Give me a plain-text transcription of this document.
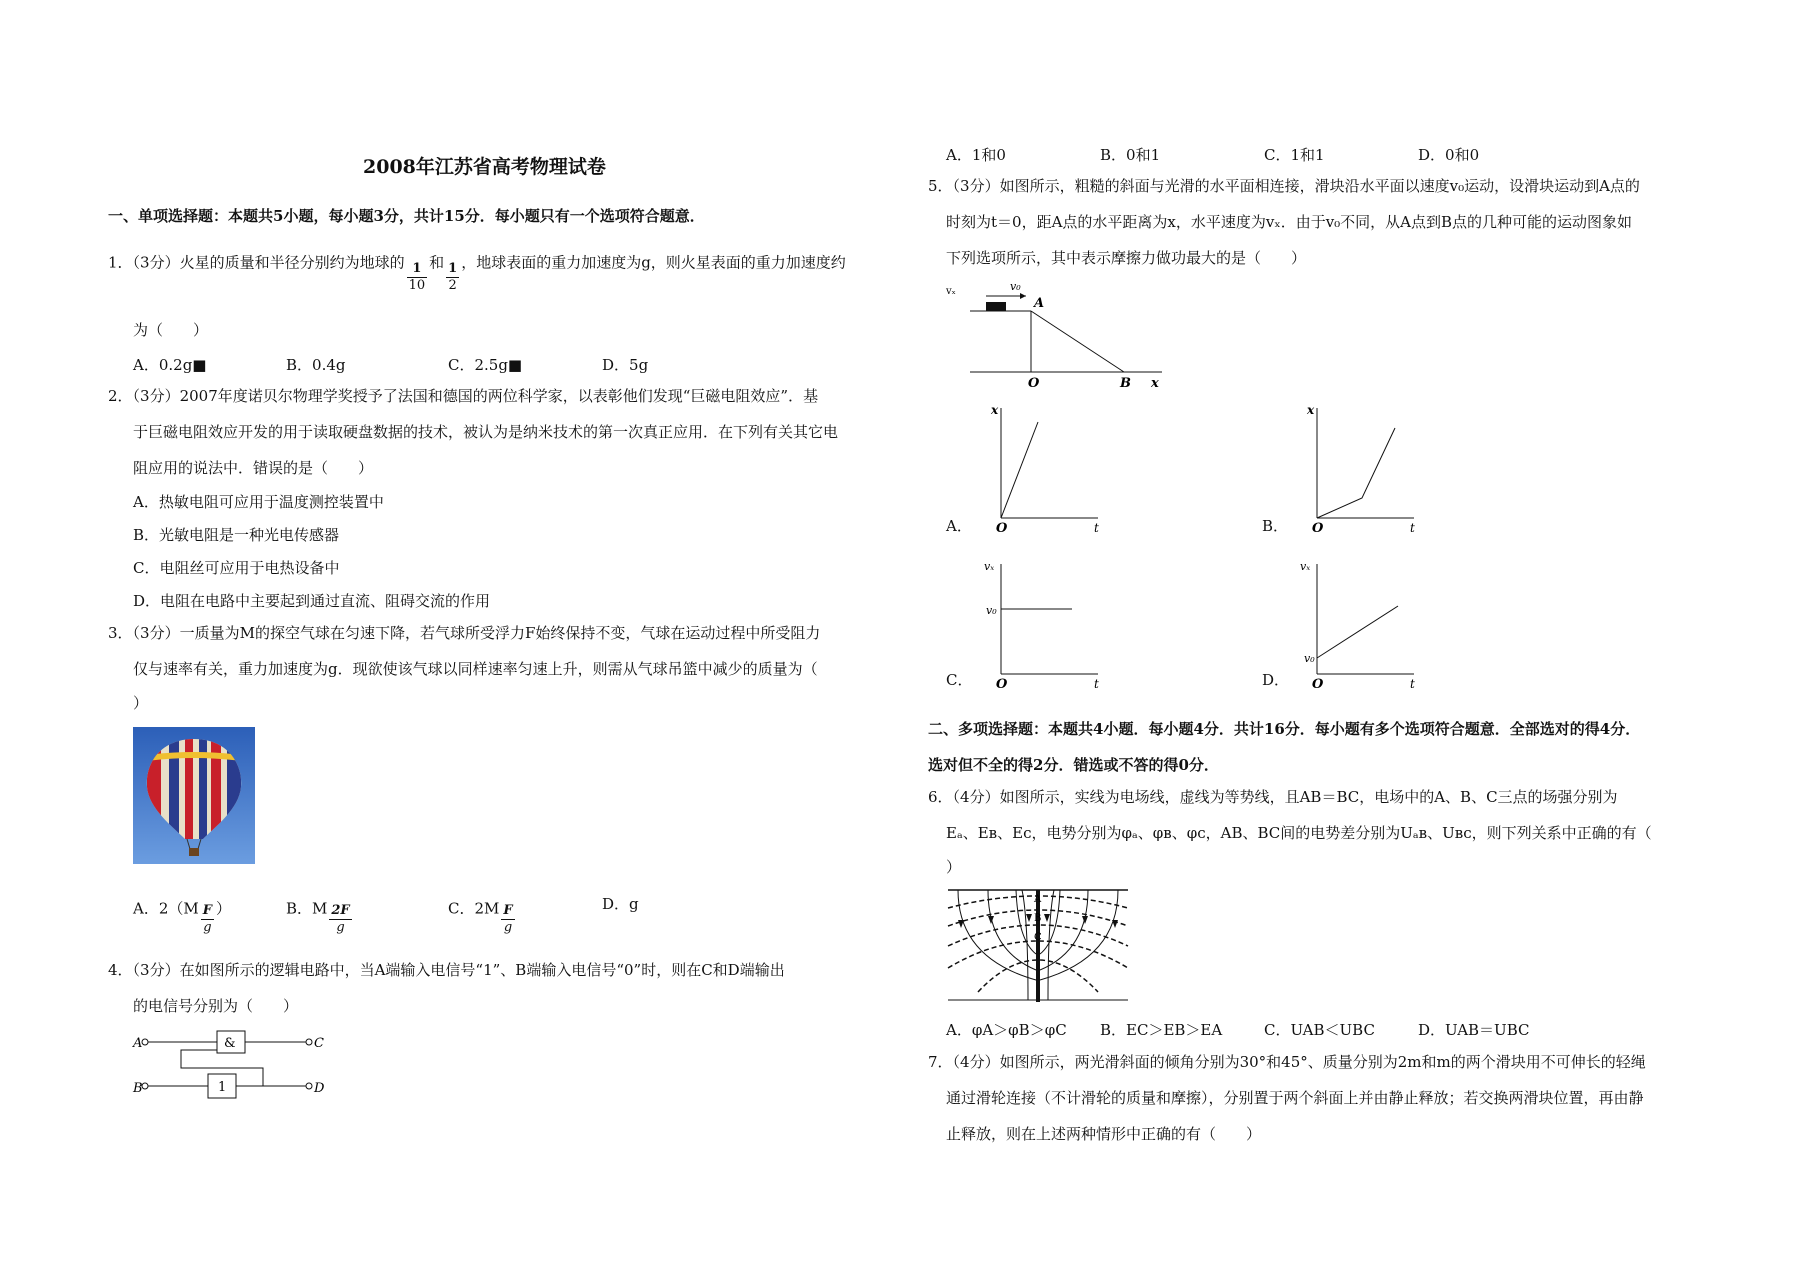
2008年江苏省高考物理试卷
一、单项选择题：本题共5小题，每小题3分，共计15分．每小题只有一个选项符合题意．
1．（3分）火星的质量和半径分别约为地球的 $\frac{1}{10}$ 和 $\frac{1}{2}$ ，地球表面的重力加速度为g，则火星表面的重力加速度约
为（　　）
A．0.2g■	B．0.4g	C．2.5g■	D．5g
2．（3分）2007年度诺贝尔物理学奖授予了法国和德国的两位科学家，以表彰他们发现“巨磁电阻效应”．基
于巨磁电阻效应开发的用于读取硬盘数据的技术，被认为是纳米技术的第一次真正应用．在下列有关其它电
阻应用的说法中．错误的是（　　）
A．热敏电阻可应用于温度测控装置中
B．光敏电阻是一种光电传感器
C．电阻丝可应用于电热设备中
D．电阻在电路中主要起到通过直流、阻碍交流的作用
3．（3分）一质量为M的探空气球在匀速下降，若气球所受浮力F始终保持不变，气球在运动过程中所受阻力
仅与速率有关，重力加速度为g．现欲使该气球以同样速率匀速上升，则需从气球吊篮中减少的质量为（
）
A．$2(M \frac{F}{g}$ ）	B．M $\frac{2F}{g}$	C．$2M \frac{F}{g}$	D．g
4．（3分）在如图所示的逻辑电路中，当A端输入电信号“1”、B端输入电信号“0”时，则在C和D端输出
的电信号分别为（　　）
A
B
C
D
&
1
A．1和0	B．0和1	C．1和1	D．0和0
5．（3分）如图所示，粗糙的斜面与光滑的水平面相连接，滑块沿水平面以速度v₀运动，设滑块运动到A点的
时刻为t＝0，距A点的水平距离为x，水平速度为vₓ．由于v₀不同，从A点到B点的几种可能的运动图象如
下列选项所示，其中表示摩擦力做功最大的是（　　）
vₓ	v₀
A
O	B x
A．
x
O	t	B．
x
O	t
C．
vₓ
v₀
O	t	D．
vₓ
v₀
O	t
二、多项选择题：本题共4小题．每小题4分．共计16分．每小题有多个选项符合题意．全部选对的得4分．
选对但不全的得2分．错选或不答的得0分．
6．（4分）如图所示，实线为电场线，虚线为等势线，且AB＝BC，电场中的A、B、C三点的场强分别为
Eₐ、Eʙ、Eᴄ，电势分别为φₐ、φʙ、φᴄ，AB、BC间的电势差分别为Uₐʙ、Uʙᴄ，则下列关系中正确的有（
）
A
B
C
A．φA＞φB＞φC B．EC＞EB＞EA	C．UAB＜UBC	D．UAB＝UBC
7．（4分）如图所示，两光滑斜面的倾角分别为30°和45°、质量分别为2m和m的两个滑块用不可伸长的轻绳
通过滑轮连接（不计滑轮的质量和摩擦），分别置于两个斜面上并由静止释放；若交换两滑块位置，再由静
止释放，则在上述两种情形中正确的有（　　）
